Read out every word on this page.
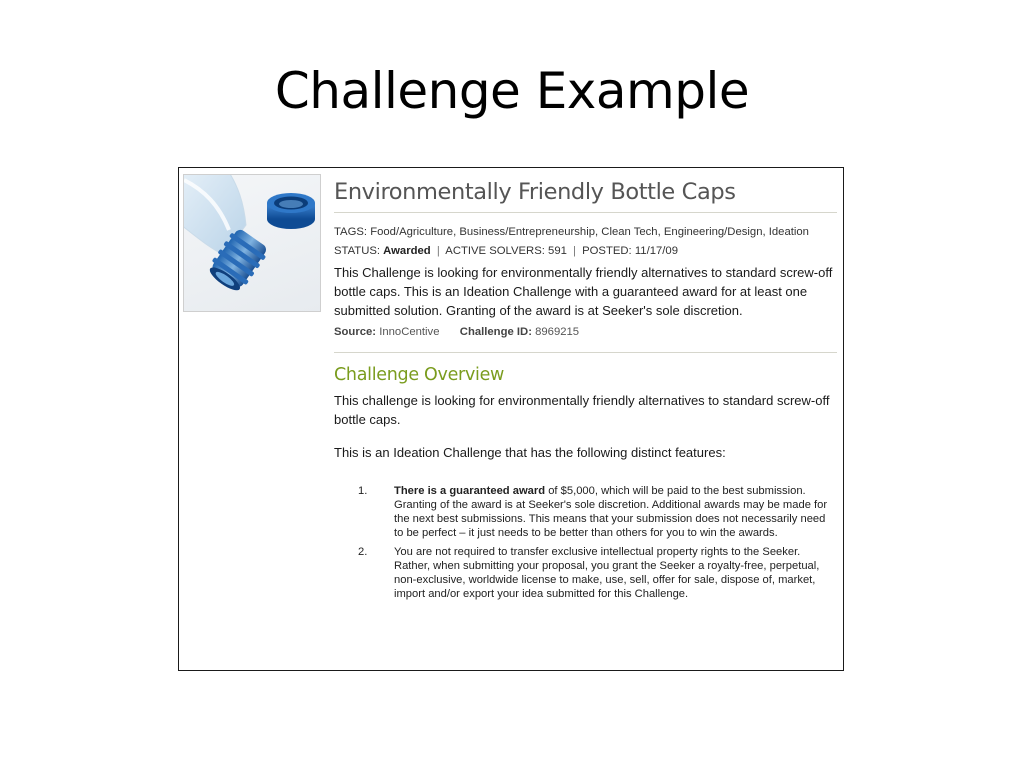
Challenge Example
Environmentally Friendly Bottle Caps
TAGS: Food/Agriculture, Business/Entrepreneurship, Clean Tech, Engineering/Design, Ideation
STATUS: Awarded | ACTIVE SOLVERS: 591 | POSTED: 11/17/09
This Challenge is looking for environmentally friendly alternatives to standard screw-off bottle caps. This is an Ideation Challenge with a guaranteed award for at least one submitted solution. Granting of the award is at Seeker's sole discretion.
Source: InnoCentive Challenge ID: 8969215
Challenge Overview
This challenge is looking for environmentally friendly alternatives to standard screw-off bottle caps.
This is an Ideation Challenge that has the following distinct features:
1. There is a guaranteed award of $5,000, which will be paid to the best submission. Granting of the award is at Seeker's sole discretion. Additional awards may be made for the next best submissions. This means that your submission does not necessarily need to be perfect – it just needs to be better than others for you to win the awards.
2. You are not required to transfer exclusive intellectual property rights to the Seeker. Rather, when submitting your proposal, you grant the Seeker a royalty-free, perpetual, non-exclusive, worldwide license to make, use, sell, offer for sale, dispose of, market, import and/or export your idea submitted for this Challenge.
